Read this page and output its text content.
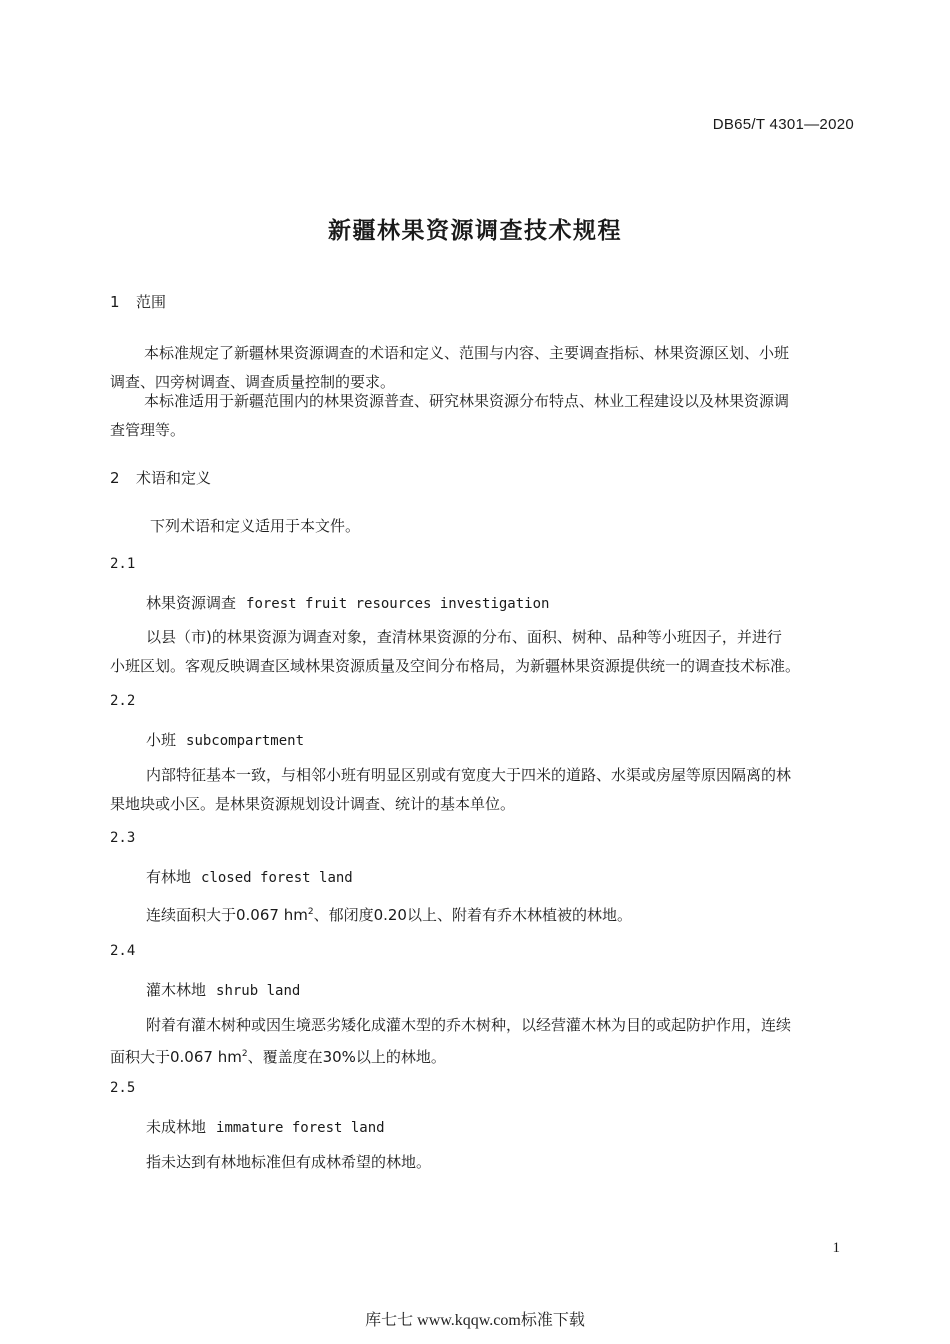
DB65/T 4301—2020
新疆林果资源调查技术规程
1 范围
本标准规定了新疆林果资源调查的术语和定义、范围与内容、主要调查指标、林果资源区划、小班
调查、四旁树调查、调查质量控制的要求。
本标准适用于新疆范围内的林果资源普查、研究林果资源分布特点、林业工程建设以及林果资源调
查管理等。
2 术语和定义
下列术语和定义适用于本文件。
2.1
林果资源调查 forest fruit resources investigation
以县（市)的林果资源为调查对象，查清林果资源的分布、面积、树种、品种等小班因子，并进行
小班区划。客观反映调查区域林果资源质量及空间分布格局，为新疆林果资源提供统一的调查技术标准。
2.2
小班 subcompartment
内部特征基本一致，与相邻小班有明显区别或有宽度大于四米的道路、水渠或房屋等原因隔离的林
果地块或小区。是林果资源规划设计调查、统计的基本单位。
2.3
有林地 closed forest land
连续面积大于0.067 $hm^2$、郁闭度0.20以上、附着有乔木林植被的林地。
2.4
灌木林地 shrub land
附着有灌木树种或因生境恶劣矮化成灌木型的乔木树种，以经营灌木林为目的或起防护作用，连续
面积大于0.067 $hm^2$、覆盖度在30%以上的林地。
2.5
未成林地 immature forest land
指未达到有林地标准但有成林希望的林地。
1
库七七 www.kqqw.com标准下载
